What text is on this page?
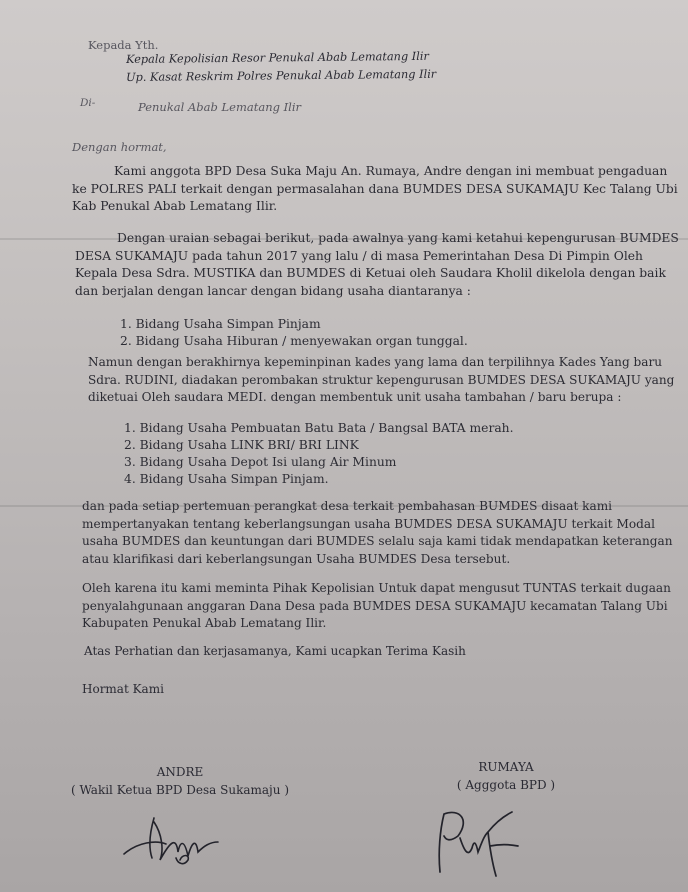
Kepada Yth.
Kepala Kepolisian Resor Penukal Abab Lematang Ilir
Up. Kasat Reskrim Polres Penukal Abab Lematang Ilir
Di-	Penukal Abab Lematang Ilir
Dengan hormat,
Kami anggota BPD Desa Suka Maju An. Rumaya, Andre dengan ini membuat pengaduan
ke POLRES PALI terkait dengan permasalahan dana BUMDES DESA SUKAMAJU Kec Talang Ubi
Kab Penukal Abab Lematang Ilir.
Dengan uraian sebagai berikut, pada awalnya yang kami ketahui kepengurusan BUMDES
DESA SUKAMAJU pada tahun 2017 yang lalu / di masa Pemerintahan Desa Di Pimpin Oleh
Kepala Desa Sdra. MUSTIKA dan BUMDES di Ketuai oleh Saudara Kholil dikelola dengan baik
dan berjalan dengan lancar dengan bidang usaha diantaranya :
1. Bidang Usaha Simpan Pinjam
2. Bidang Usaha Hiburan / menyewakan organ tunggal.
Namun dengan berakhirnya kepeminpinan kades yang lama dan terpilihnya Kades Yang baru
Sdra. RUDINI, diadakan perombakan struktur kepengurusan BUMDES DESA SUKAMAJU yang
diketuai Oleh saudara MEDI. dengan membentuk unit usaha tambahan / baru berupa :
1. Bidang Usaha Pembuatan Batu Bata / Bangsal BATA merah.
2. Bidang Usaha LINK BRI/ BRI LINK
3. Bidang Usaha Depot Isi ulang Air Minum
4. Bidang Usaha Simpan Pinjam.
dan pada setiap pertemuan perangkat desa terkait pembahasan BUMDES disaat kami
mempertanyakan tentang keberlangsungan usaha BUMDES DESA SUKAMAJU terkait Modal
usaha BUMDES dan keuntungan dari BUMDES selalu saja kami tidak mendapatkan keterangan
atau klarifikasi dari keberlangsungan Usaha BUMDES Desa tersebut.
Oleh karena itu kami meminta Pihak Kepolisian Untuk dapat mengusut TUNTAS terkait dugaan
penyalahgunaan anggaran Dana Desa pada BUMDES DESA SUKAMAJU kecamatan Talang Ubi
Kabupaten Penukal Abab Lematang Ilir.
Atas Perhatian dan kerjasamanya, Kami ucapkan Terima Kasih
Hormat Kami
ANDRE
( Wakil Ketua BPD Desa Sukamaju )
RUMAYA
( Agggota BPD )
